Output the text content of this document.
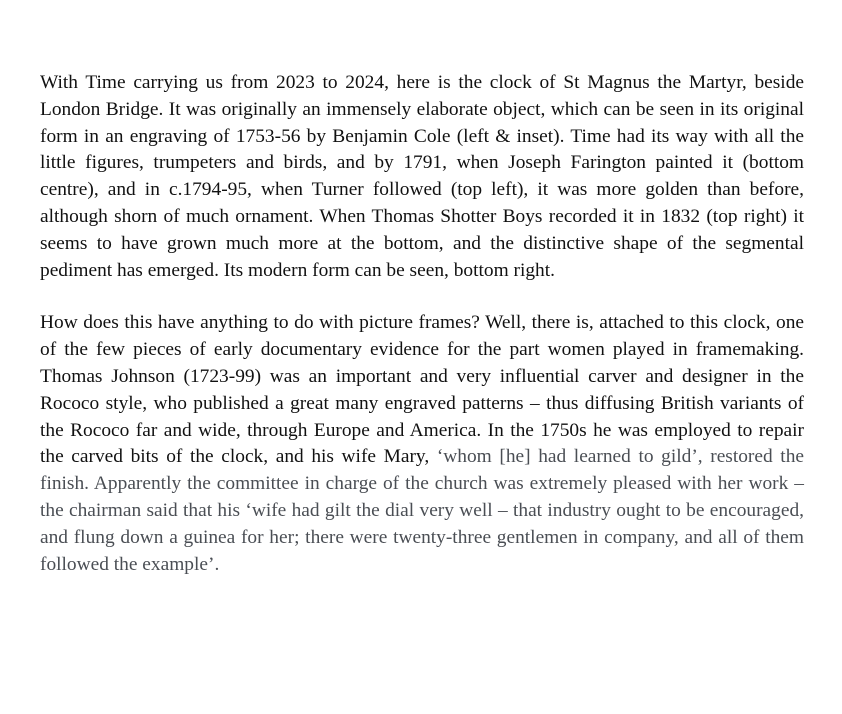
With Time carrying us from 2023 to 2024, here is the clock of St Magnus the Martyr, beside London Bridge. It was originally an immensely elaborate object, which can be seen in its original form in an engraving of 1753-56 by Benjamin Cole (left & inset). Time had its way with all the little figures, trumpeters and birds, and by 1791, when Joseph Farington painted it (bottom centre), and in c.1794-95, when Turner followed (top left), it was more golden than before, although shorn of much ornament. When Thomas Shotter Boys recorded it in 1832 (top right) it seems to have grown much more at the bottom, and the distinctive shape of the segmental pediment has emerged. Its modern form can be seen, bottom right.

How does this have anything to do with picture frames? Well, there is, attached to this clock, one of the few pieces of early documentary evidence for the part women played in framemaking. Thomas Johnson (1723-99) was an important and very influential carver and designer in the Rococo style, who published a great many engraved patterns – thus diffusing British variants of the Rococo far and wide, through Europe and America. In the 1750s he was employed to repair the carved bits of the clock, and his wife Mary, ‘whom [he] had learned to gild’, restored the finish. Apparently the committee in charge of the church was extremely pleased with her work – the chairman said that his ‘wife had gilt the dial very well – that industry ought to be encouraged, and flung down a guinea for her; there were twenty-three gentlemen in company, and all of them followed the example’.
